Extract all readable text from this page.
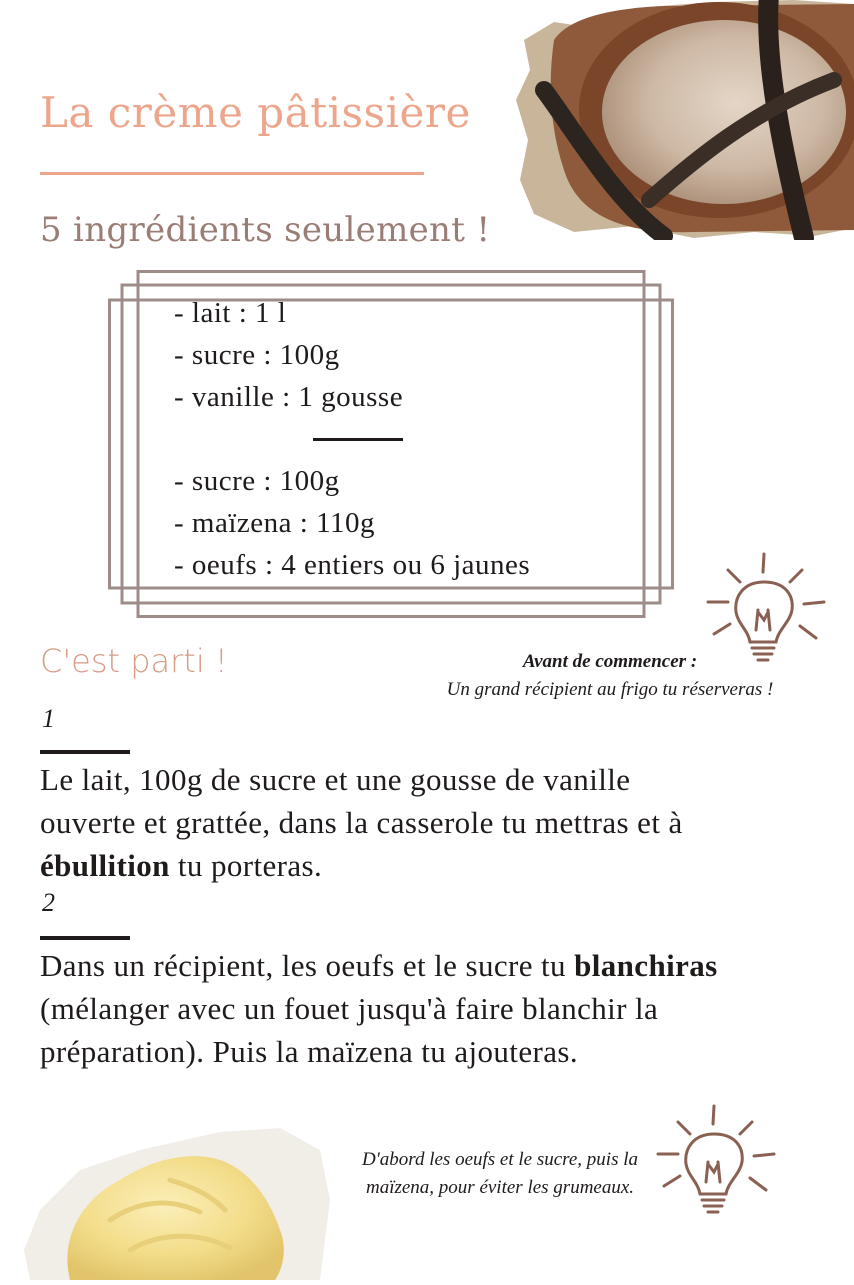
La crème pâtissière
5 ingrédients seulement !
- lait : 1 l
- sucre : 100g
- vanille : 1 gousse
- sucre : 100g
- maïzena : 110g
- oeufs : 4 entiers ou 6 jaunes
C'est parti !	Avant de commencer :
Un grand récipient au frigo tu réserveras !
1

Le lait, 100g de sucre et une gousse de vanille ouverte et grattée, dans la casserole tu mettras et à ébullition tu porteras.

2

Dans un récipient, les oeufs et le sucre tu blanchiras (mélanger avec un fouet jusqu'à faire blanchir la préparation). Puis la maïzena tu ajouteras.

D'abord les oeufs et le sucre, puis la maïzena, pour éviter les grumeaux.
